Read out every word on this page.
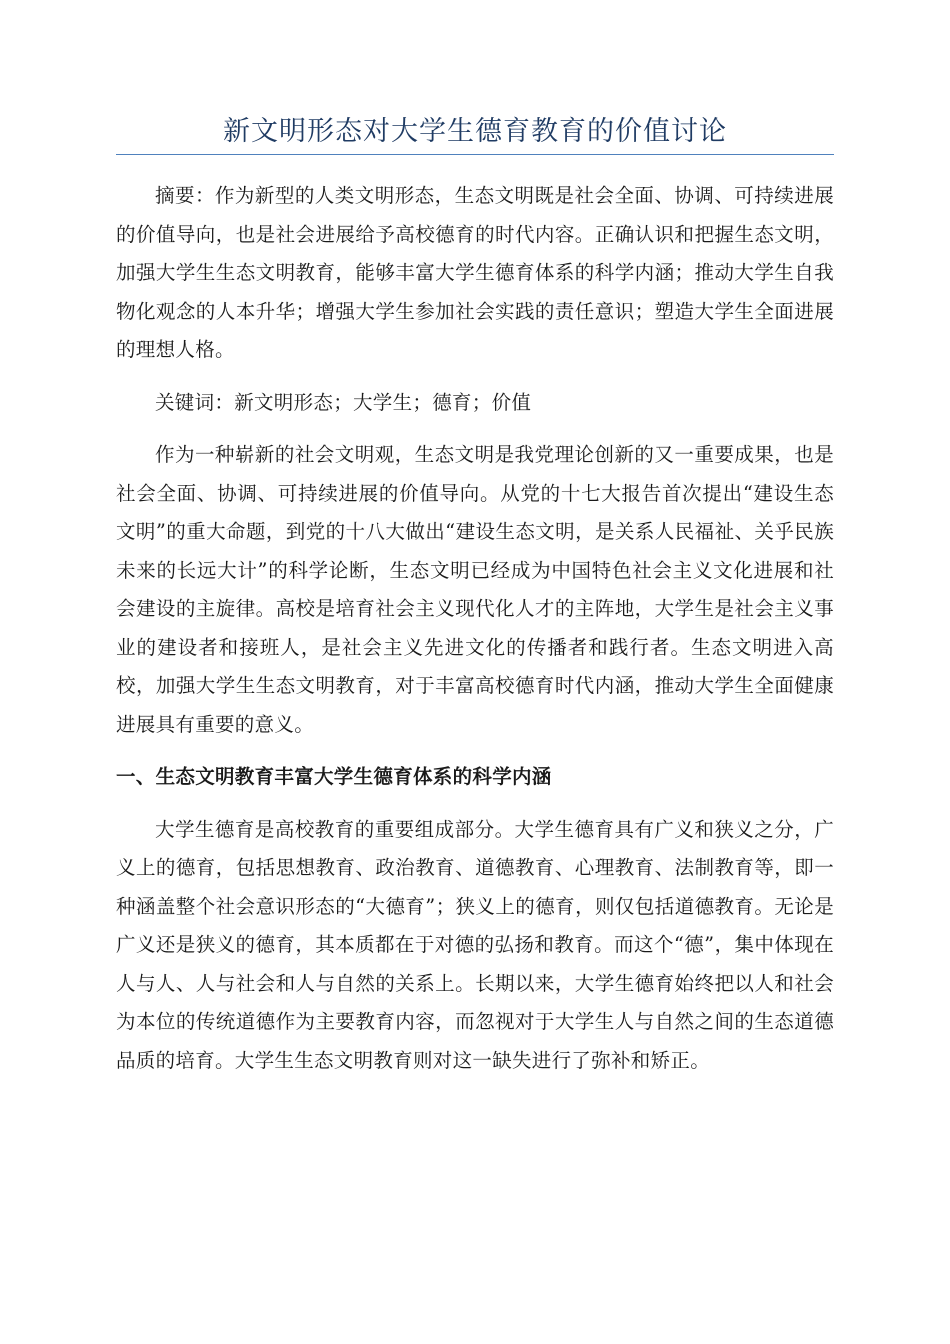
新文明形态对大学生德育教育的价值讨论

摘要：作为新型的人类文明形态，生态文明既是社会全面、协调、可持续进展的价值导向，也是社会进展给予高校德育的时代内容。正确认识和把握生态文明，加强大学生生态文明教育，能够丰富大学生德育体系的科学内涵；推动大学生自我物化观念的人本升华；增强大学生参加社会实践的责任意识；塑造大学生全面进展的理想人格。

关键词：新文明形态；大学生；德育；价值

作为一种崭新的社会文明观，生态文明是我党理论创新的又一重要成果，也是社会全面、协调、可持续进展的价值导向。从党的十七大报告首次提出“建设生态文明”的重大命题，到党的十八大做出“建设生态文明，是关系人民福祉、关乎民族未来的长远大计”的科学论断，生态文明已经成为中国特色社会主义文化进展和社会建设的主旋律。高校是培育社会主义现代化人才的主阵地，大学生是社会主义事业的建设者和接班人，是社会主义先进文化的传播者和践行者。生态文明进入高校，加强大学生生态文明教育，对于丰富高校德育时代内涵，推动大学生全面健康进展具有重要的意义。

一、生态文明教育丰富大学生德育体系的科学内涵

大学生德育是高校教育的重要组成部分。大学生德育具有广义和狭义之分，广义上的德育，包括思想教育、政治教育、道德教育、心理教育、法制教育等，即一种涵盖整个社会意识形态的“大德育”；狭义上的德育，则仅包括道德教育。无论是广义还是狭义的德育，其本质都在于对德的弘扬和教育。而这个“德”，集中体现在人与人、人与社会和人与自然的关系上。长期以来，大学生德育始终把以人和社会为本位的传统道德作为主要教育内容，而忽视对于大学生人与自然之间的生态道德品质的培育。大学生生态文明教育则对这一缺失进行了弥补和矫正。
